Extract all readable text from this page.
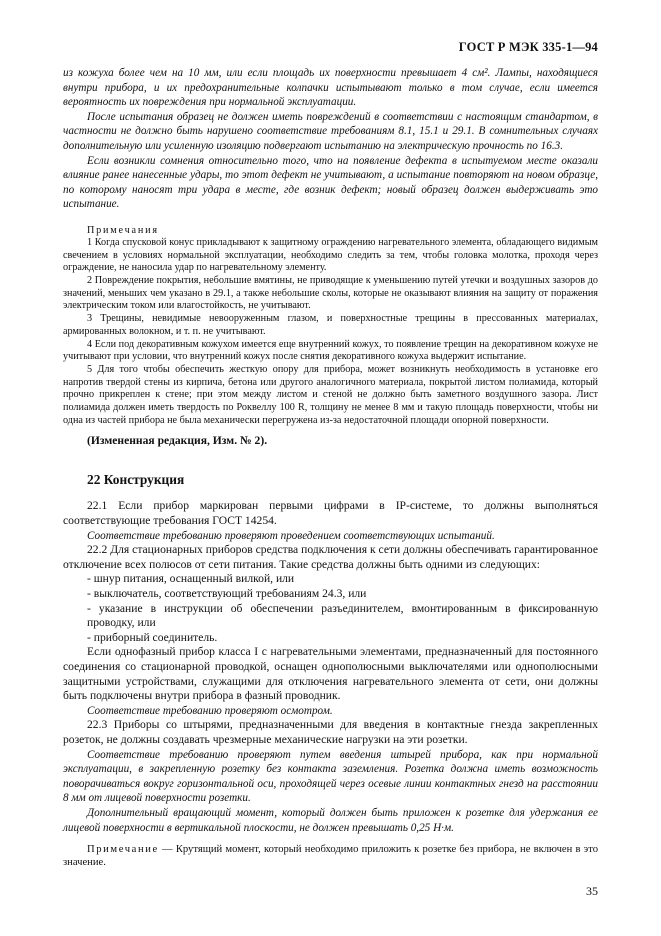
ГОСТ Р МЭК 335-1—94

из кожуха более чем на 10 мм, или если площадь их поверхности превышает 4 см². Лампы, находящиеся внутри прибора, и их предохранительные колпачки испытывают только в том случае, если имеется вероятность их повреждения при нормальной эксплуатации.

После испытания образец не должен иметь повреждений в соответствии с настоящим стандартом, в частности не должно быть нарушено соответствие требованиям 8.1, 15.1 и 29.1. В сомнительных случаях дополнительную или усиленную изоляцию подвергают испытанию на электрическую прочность по 16.3.

Если возникли сомнения относительно того, что на появление дефекта в испытуемом месте оказали влияние ранее нанесенные удары, то этот дефект не учитывают, а испытание повторяют на новом образце, по которому наносят три удара в месте, где возник дефект; новый образец должен выдерживать это испытание.

Примечания

1 Когда спусковой конус прикладывают к защитному ограждению нагревательного элемента, обладающего видимым свечением в условиях нормальной эксплуатации, необходимо следить за тем, чтобы головка молотка, проходя через ограждение, не наносила удар по нагревательному элементу.

2 Повреждение покрытия, небольшие вмятины, не приводящие к уменьшению путей утечки и воздушных зазоров до значений, меньших чем указано в 29.1, а также небольшие сколы, которые не оказывают влияния на защиту от поражения электрическим током или влагостойкость, не учитывают.

3 Трещины, невидимые невооруженным глазом, и поверхностные трещины в прессованных материалах, армированных волокном, и т. п. не учитывают.

4 Если под декоративным кожухом имеется еще внутренний кожух, то появление трещин на декоративном кожухе не учитывают при условии, что внутренний кожух после снятия декоративного кожуха выдержит испытание.

5 Для того чтобы обеспечить жесткую опору для прибора, может возникнуть необходимость в установке его напротив твердой стены из кирпича, бетона или другого аналогичного материала, покрытой листом полиамида, который прочно прикреплен к стене; при этом между листом и стеной не должно быть заметного воздушного зазора. Лист полиамида должен иметь твердость по Роквеллу 100 R, толщину не менее 8 мм и такую площадь поверхности, чтобы ни одна из частей прибора не была механически перегружена из-за недостаточной площади опорной поверхности.

(Измененная редакция, Изм. № 2).
22 Конструкция

22.1 Если прибор маркирован первыми цифрами в IP-системе, то должны выполняться соответствующие требования ГОСТ 14254.

Соответствие требованию проверяют проведением соответствующих испытаний.

22.2 Для стационарных приборов средства подключения к сети должны обеспечивать гарантированное отключение всех полюсов от сети питания. Такие средства должны быть одними из следующих:

- шнур питания, оснащенный вилкой, или

- выключатель, соответствующий требованиям 24.3, или

- указание в инструкции об обеспечении разъединителем, вмонтированным в фиксированную проводку, или

- приборный соединитель.

Если однофазный прибор класса I с нагревательными элементами, предназначенный для постоянного соединения со стационарной проводкой, оснащен однополюсными выключателями или однополюсными защитными устройствами, служащими для отключения нагревательного элемента от сети, они должны быть подключены внутри прибора в фазный проводник.

Соответствие требованию проверяют осмотром.

22.3 Приборы со штырями, предназначенными для введения в контактные гнезда закрепленных розеток, не должны создавать чрезмерные механические нагрузки на эти розетки.

Соответствие требованию проверяют путем введения штырей прибора, как при нормальной эксплуатации, в закрепленную розетку без контакта заземления. Розетка должна иметь возможность поворачиваться вокруг горизонтальной оси, проходящей через осевые линии контактных гнезд на расстоянии 8 мм от лицевой поверхности розетки.

Дополнительный вращающий момент, который должен быть приложен к розетке для удержания ее лицевой поверхности в вертикальной плоскости, не должен превышать 0,25 Н·м.

Примечание — Крутящий момент, который необходимо приложить к розетке без прибора, не включен в это значение.

35
